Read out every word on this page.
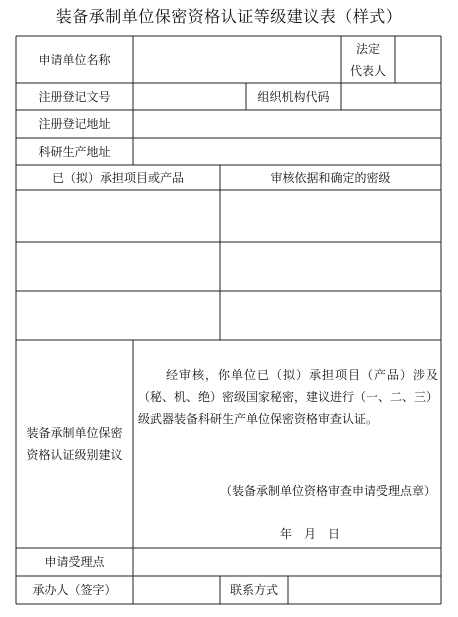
装备承制单位保密资格认证等级建议表（样式）
申请单位名称
法定
代表人
注册登记文号	组织机构代码
注册登记地址
科研生产地址
已（拟）承担项目或产品	审核依据和确定的密级
装备承制单位保密
资格认证级别建议
经审核，你单位已（拟）承担项目（产品）涉及（秘、机、绝）密级国家秘密，建议进行（一、二、三）级武器装备科研生产单位保密资格审查认证。
（装备承制单位资格审查申请受理点章）
年　月　日
申请受理点
承办人（签字）	联系方式
